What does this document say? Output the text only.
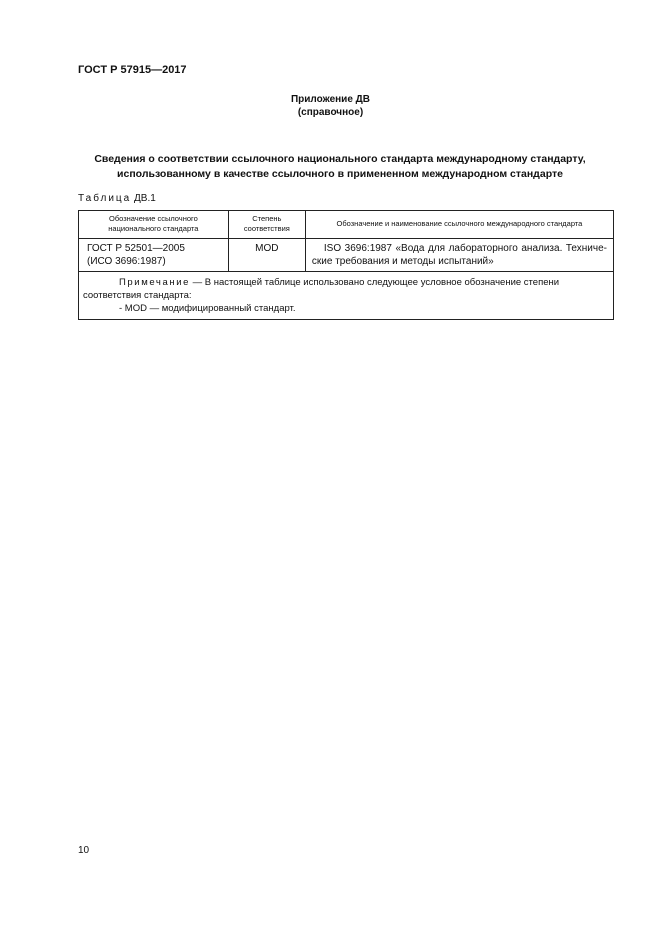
ГОСТ Р 57915—2017
Приложение ДВ
(справочное)
Сведения о соответствии ссылочного национального стандарта международному стандарту,
использованному в качестве ссылочного в примененном международном стандарте
Таблица ДВ.1
Обозначение ссылочного национального стандарта	Степень соответствия	Обозначение и наименование ссылочного международного стандарта

ГОСТ Р 52501—2005
(ИСО 3696:1987)	MOD	ISO 3696:1987 «Вода для лабораторного анализа. Техниче-ские требования и методы испытаний»

Примечание — В настоящей таблице использовано следующее условное обозначение степени соответствия стандарта:
- MOD — модифицированный стандарт.		
10
